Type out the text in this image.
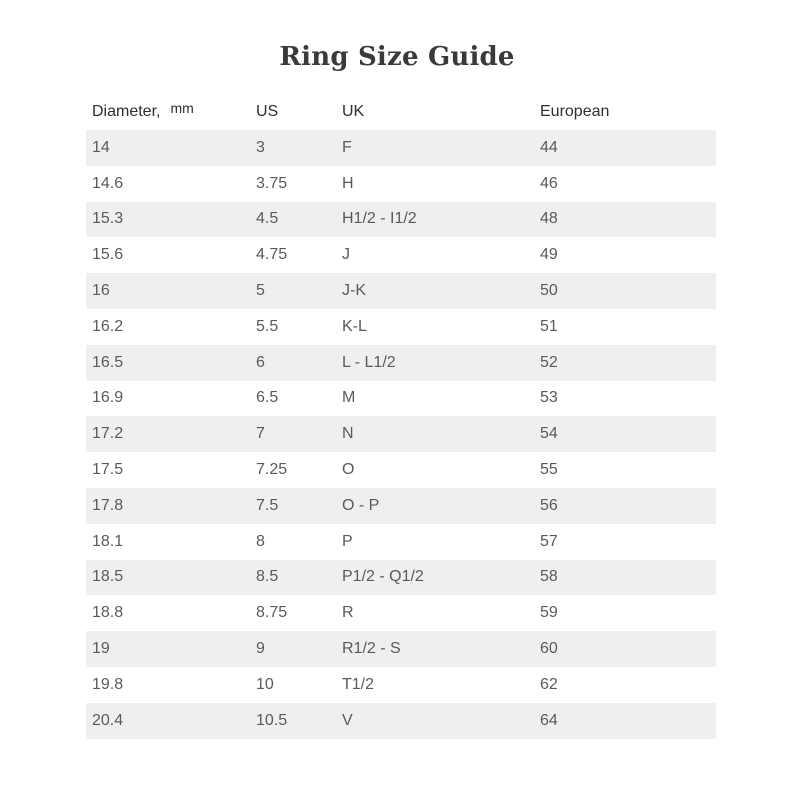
Ring Size Guide
Diameter, mm	US	UK	European
14	3	F	44
14.6	3.75	H	46
15.3	4.5	H1/2 - I1/2	48
15.6	4.75	J	49
16	5	J-K	50
16.2	5.5	K-L	51
16.5	6	L - L1/2	52
16.9	6.5	M	53
17.2	7	N	54
17.5	7.25	O	55
17.8	7.5	O - P	56
18.1	8	P	57
18.5	8.5	P1/2 - Q1/2	58
18.8	8.75	R	59
19	9	R1/2 - S	60
19.8	10	T1/2	62
20.4	10.5	V	64
